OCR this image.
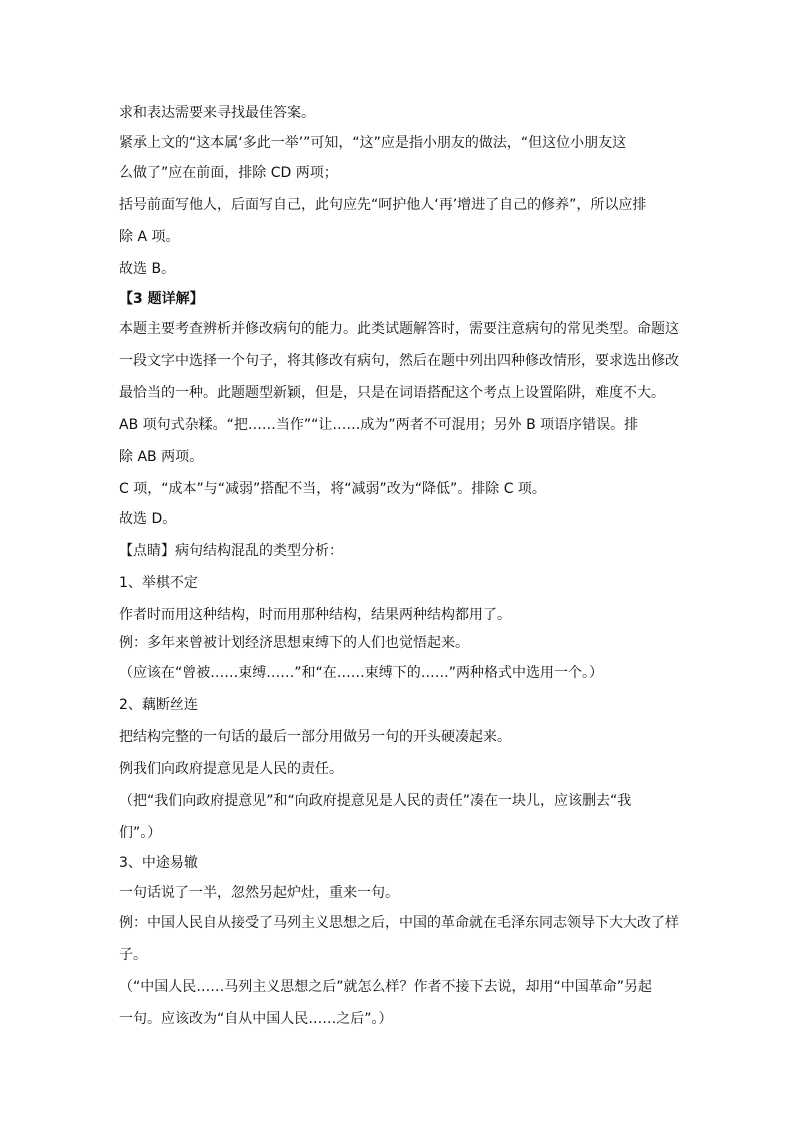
求和表达需要来寻找最佳答案。
紧承上文的“这本属‘多此一举’”可知，“这”应是指小朋友的做法，“但这位小朋友这
么做了”应在前面，排除 CD 两项；
括号前面写他人，后面写自己，此句应先“呵护他人‘再’增进了自己的修养”，所以应排
除 A 项。
故选 B。
【3 题详解】
本题主要考查辨析并修改病句的能力。此类试题解答时，需要注意病句的常见类型。命题这
一段文字中选择一个句子，将其修改有病句，然后在题中列出四种修改情形，要求选出修改
最恰当的一种。此题题型新颖，但是，只是在词语搭配这个考点上设置陷阱，难度不大。
AB 项句式杂糅。“把……当作”“让……成为”两者不可混用；另外 B 项语序错误。排
除 AB 两项。
C 项，“成本”与“减弱”搭配不当，将“减弱”改为“降低”。排除 C 项。
故选 D。
【点睛】病句结构混乱的类型分析：
1、举棋不定
作者时而用这种结构，时而用那种结构，结果两种结构都用了。
例：多年来曾被计划经济思想束缚下的人们也觉悟起来。
（应该在“曾被……束缚……”和“在……束缚下的……”两种格式中选用一个。）
2、藕断丝连
把结构完整的一句话的最后一部分用做另一句的开头硬凑起来。
例我们向政府提意见是人民的责任。
（把“我们向政府提意见”和“向政府提意见是人民的责任”凑在一块儿，应该删去“我
们”。）
3、中途易辙
一句话说了一半，忽然另起炉灶，重来一句。
例：中国人民自从接受了马列主义思想之后，中国的革命就在毛泽东同志领导下大大改了样
子。
（“中国人民……马列主义思想之后”就怎么样？作者不接下去说，却用“中国革命”另起
一句。应该改为“自从中国人民……之后”。）
